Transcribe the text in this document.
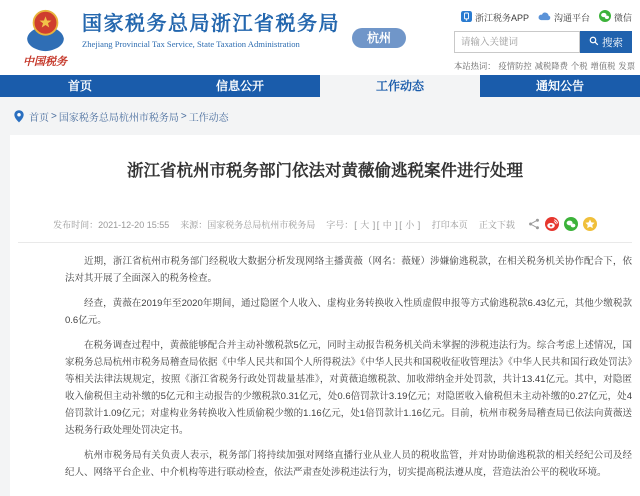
中国税务
国家税务总局浙江省税务局
Zhejiang Provincial Tax Service, State Taxation Administration	杭州
浙江税务APP	沟通平台	微信
请输入关键词
搜索
本站热词： 疫情防控 减税降费 个税 增值税 发票
首页	信息公开	工作动态	通知公告
首页 > 国家税务总局杭州市税务局 > 工作动态
浙江省杭州市税务部门依法对黄薇偷逃税案件进行处理
发布时间：2021-12-20 15:55 来源：国家税务总局杭州市税务局 字号： [ 大 ] [ 中 ] [ 小 ] 打印本页 正文下载

近期，浙江省杭州市税务部门经税收大数据分析发现网络主播黄薇（网名：薇娅）涉嫌偷逃税款，在相关税务机关协作配合下，依法对其开展了全面深入的税务检查。

经查，黄薇在2019年至2020年期间，通过隐匿个人收入、虚构业务转换收入性质虚假申报等方式偷逃税款6.43亿元，其他少缴税款0.6亿元。

在税务调查过程中，黄薇能够配合并主动补缴税款5亿元，同时主动报告税务机关尚未掌握的涉税违法行为。综合考虑上述情况，国家税务总局杭州市税务局稽查局依据《中华人民共和国个人所得税法》《中华人民共和国税收征收管理法》《中华人民共和国行政处罚法》等相关法律法规规定，按照《浙江省税务行政处罚裁量基准》，对黄薇追缴税款、加收滞纳金并处罚款，共计13.41亿元。其中，对隐匿收入偷税但主动补缴的5亿元和主动报告的少缴税款0.31亿元，处0.6倍罚款计3.19亿元；对隐匿收入偷税但未主动补缴的0.27亿元，处4倍罚款计1.09亿元；对虚构业务转换收入性质偷税少缴的1.16亿元，处1倍罚款计1.16亿元。目前，杭州市税务局稽查局已依法向黄薇送达税务行政处理处罚决定书。

杭州市税务局有关负责人表示，税务部门将持续加强对网络直播行业从业人员的税收监管，并对协助偷逃税款的相关经纪公司及经纪人、网络平台企业、中介机构等进行联动检查，依法严肃查处涉税违法行为，切实提高税法遵从度，营造法治公平的税收环境。
